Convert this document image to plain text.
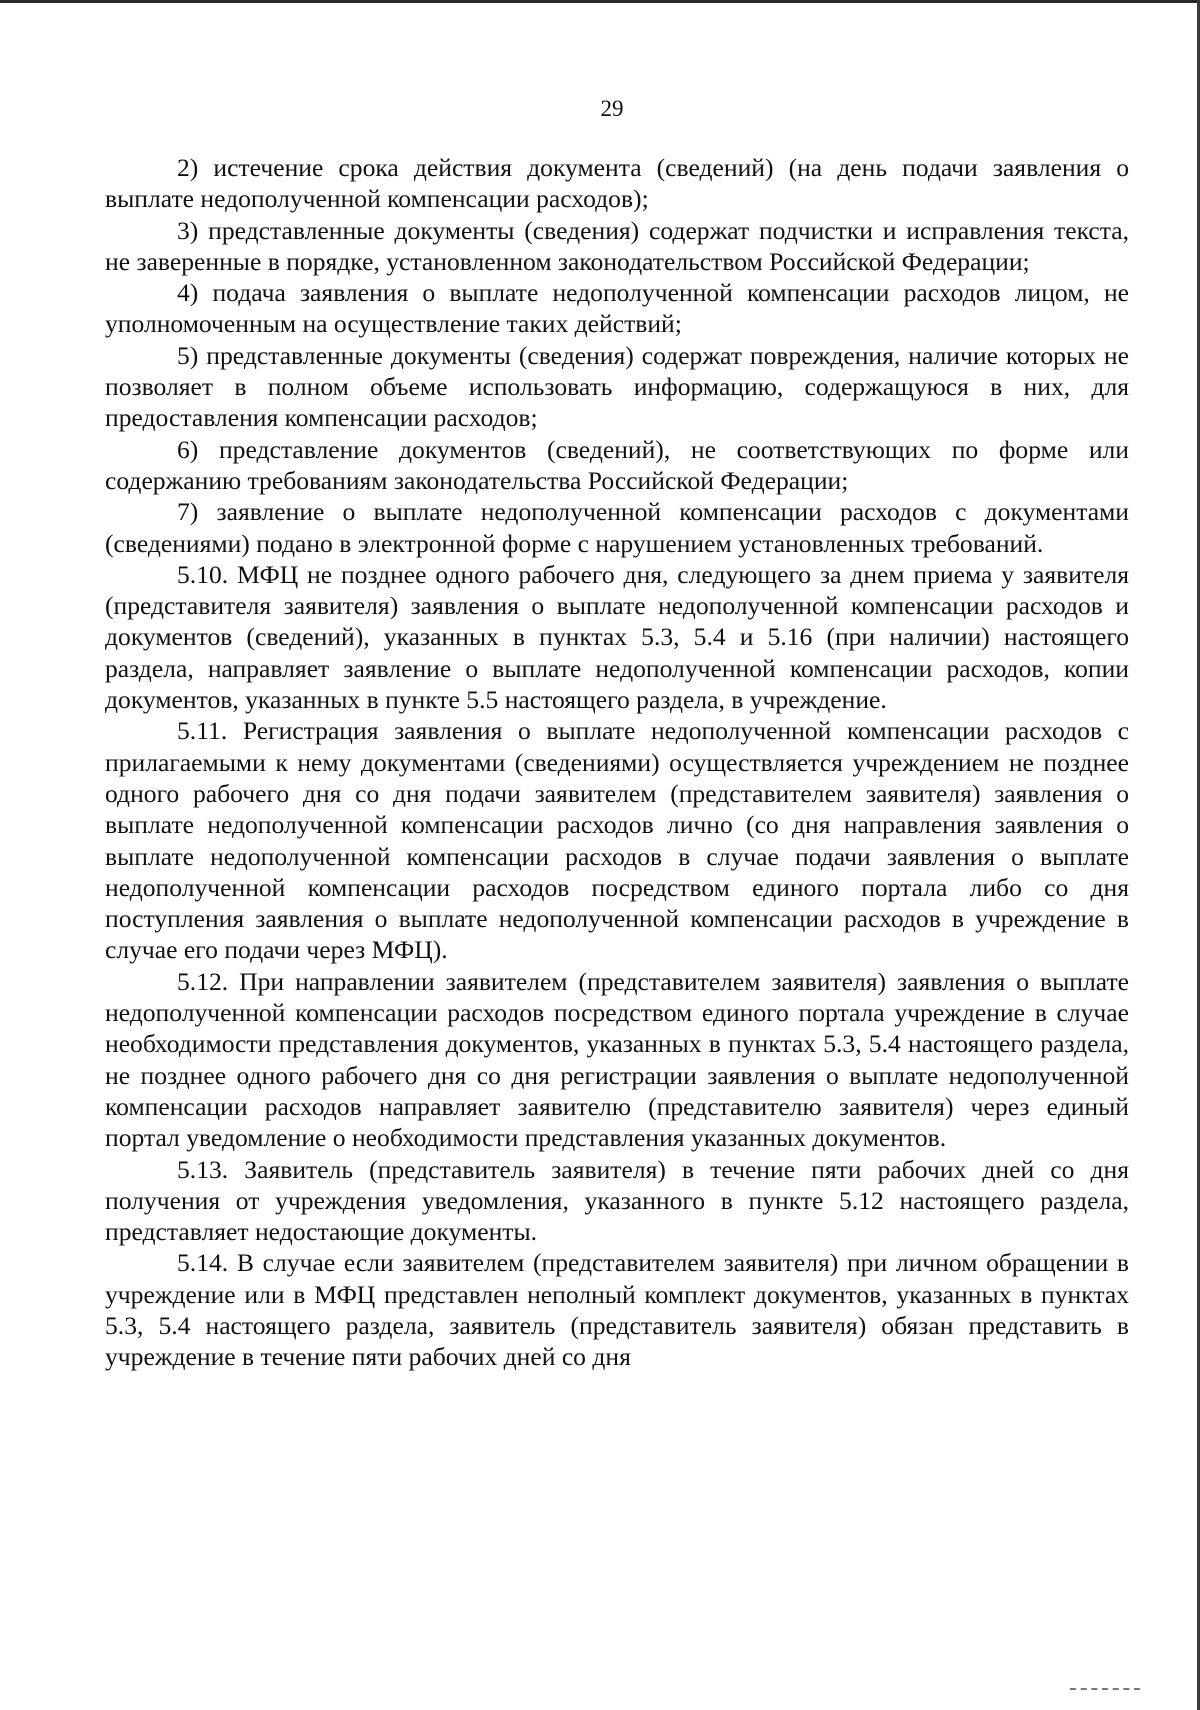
29

2) истечение срока действия документа (сведений) (на день подачи заявления о выплате недополученной компенсации расходов);

3) представленные документы (сведения) содержат подчистки и исправления текста, не заверенные в порядке, установленном законодательством Российской Федерации;

4) подача заявления о выплате недополученной компенсации расходов лицом, не уполномоченным на осуществление таких действий;

5) представленные документы (сведения) содержат повреждения, наличие которых не позволяет в полном объеме использовать информацию, содержащуюся в них, для предоставления компенсации расходов;

6) представление документов (сведений), не соответствующих по форме или содержанию требованиям законодательства Российской Федерации;

7) заявление о выплате недополученной компенсации расходов с документами (сведениями) подано в электронной форме с нарушением установленных требований.

5.10. МФЦ не позднее одного рабочего дня, следующего за днем приема у заявителя (представителя заявителя) заявления о выплате недополученной компенсации расходов и документов (сведений), указанных в пунктах 5.3, 5.4 и 5.16 (при наличии) настоящего раздела, направляет заявление о выплате недополученной компенсации расходов, копии документов, указанных в пункте 5.5 настоящего раздела, в учреждение.

5.11. Регистрация заявления о выплате недополученной компенсации расходов с прилагаемыми к нему документами (сведениями) осуществляется учреждением не позднее одного рабочего дня со дня подачи заявителем (представителем заявителя) заявления о выплате недополученной компенсации расходов лично (со дня направления заявления о выплате недополученной компенсации расходов в случае подачи заявления о выплате недополученной компенсации расходов посредством единого портала либо со дня поступления заявления о выплате недополученной компенсации расходов в учреждение в случае его подачи через МФЦ).

5.12. При направлении заявителем (представителем заявителя) заявления о выплате недополученной компенсации расходов посредством единого портала учреждение в случае необходимости представления документов, указанных в пунктах 5.3, 5.4 настоящего раздела, не позднее одного рабочего дня со дня регистрации заявления о выплате недополученной компенсации расходов направляет заявителю (представителю заявителя) через единый портал уведомление о необходимости представления указанных документов.

5.13. Заявитель (представитель заявителя) в течение пяти рабочих дней со дня получения от учреждения уведомления, указанного в пункте 5.12 настоящего раздела, представляет недостающие документы.

5.14. В случае если заявителем (представителем заявителя) при личном обращении в учреждение или в МФЦ представлен неполный комплект документов, указанных в пунктах 5.3, 5.4 настоящего раздела, заявитель (представитель заявителя) обязан представить в учреждение в течение пяти рабочих дней со дня
